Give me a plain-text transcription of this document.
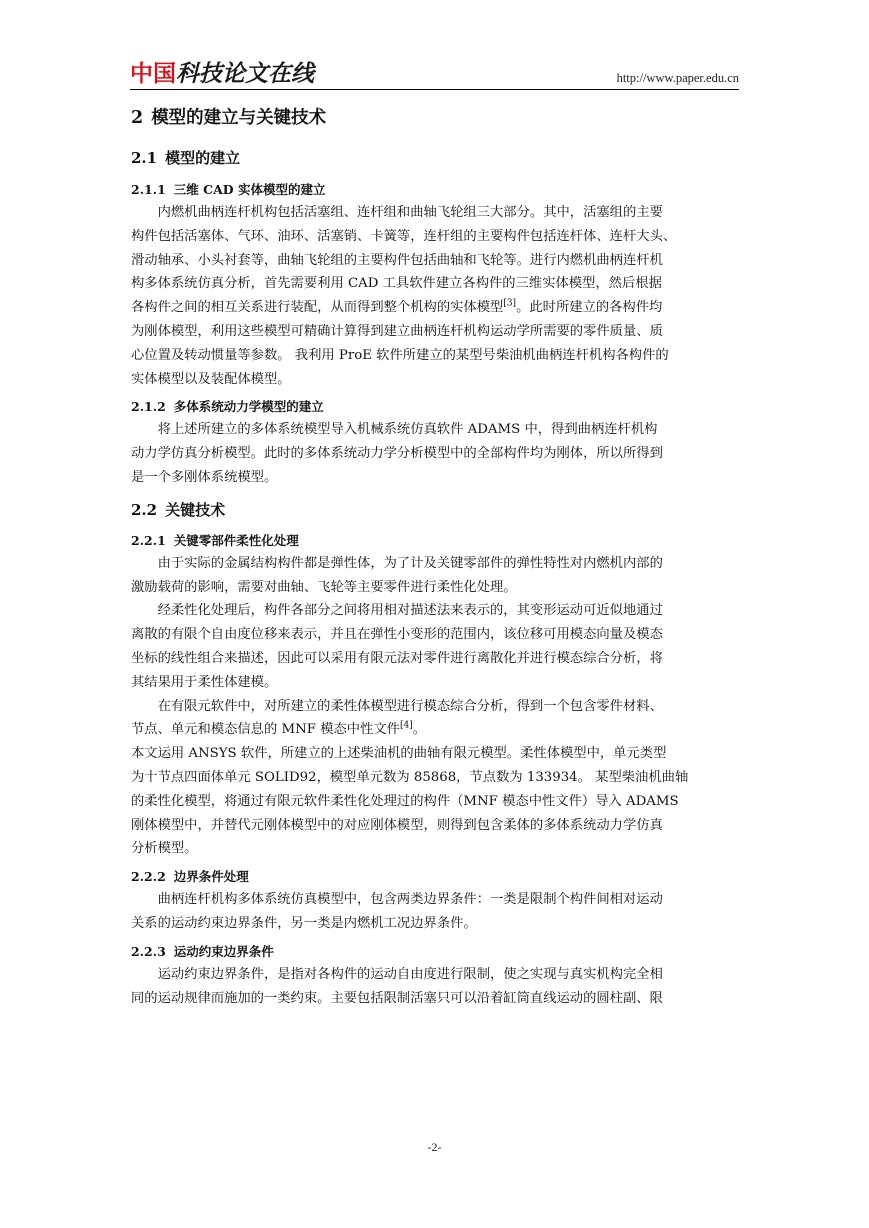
中国科技论文在线	http://www.paper.edu.cn
2 模型的建立与关键技术
2.1 模型的建立
2.1.1 三维 CAD 实体模型的建立

内燃机曲柄连杆机构包括活塞组、连杆组和曲轴飞轮组三大部分。其中，活塞组的主要
构件包括活塞体、气环、油环、活塞销、卡簧等，连杆组的主要构件包括连杆体、连杆大头、
滑动轴承、小头衬套等，曲轴飞轮组的主要构件包括曲轴和飞轮等。进行内燃机曲柄连杆机
构多体系统仿真分析，首先需要利用 CAD 工具软件建立各构件的三维实体模型，然后根据
各构件之间的相互关系进行装配，从而得到整个机构的实体模型[3]。此时所建立的各构件均
为刚体模型，利用这些模型可精确计算得到建立曲柄连杆机构运动学所需要的零件质量、质
心位置及转动惯量等参数。 我利用 ProE 软件所建立的某型号柴油机曲柄连杆机构各构件的
实体模型以及装配体模型。

2.1.2 多体系统动力学模型的建立

将上述所建立的多体系统模型导入机械系统仿真软件 ADAMS 中，得到曲柄连杆机构
动力学仿真分析模型。此时的多体系统动力学分析模型中的全部构件均为刚体，所以所得到
是一个多刚体系统模型。

2.2 关键技术
2.2.1 关键零部件柔性化处理

由于实际的金属结构构件都是弹性体，为了计及关键零部件的弹性特性对内燃机内部的
激励载荷的影响，需要对曲轴、飞轮等主要零件进行柔性化处理。

经柔性化处理后，构件各部分之间将用相对描述法来表示的，其变形运动可近似地通过
离散的有限个自由度位移来表示，并且在弹性小变形的范围内，该位移可用模态向量及模态
坐标的线性组合来描述，因此可以采用有限元法对零件进行离散化并进行模态综合分析，将
其结果用于柔性体建模。

在有限元软件中，对所建立的柔性体模型进行模态综合分析，得到一个包含零件材料、
节点、单元和模态信息的 MNF 模态中性文件[4]。

本文运用 ANSYS 软件，所建立的上述柴油机的曲轴有限元模型。柔性体模型中，单元类型
为十节点四面体单元 SOLID92，模型单元数为 85868，节点数为 133934。 某型柴油机曲轴
的柔性化模型，将通过有限元软件柔性化处理过的构件（MNF 模态中性文件）导入 ADAMS
刚体模型中，并替代元刚体模型中的对应刚体模型，则得到包含柔体的多体系统动力学仿真
分析模型。

2.2.2 边界条件处理

曲柄连杆机构多体系统仿真模型中，包含两类边界条件：一类是限制个构件间相对运动
关系的运动约束边界条件，另一类是内燃机工况边界条件。

2.2.3 运动约束边界条件

运动约束边界条件，是指对各构件的运动自由度进行限制，使之实现与真实机构完全相
同的运动规律而施加的一类约束。主要包括限制活塞只可以沿着缸筒直线运动的圆柱副、限

-2-
